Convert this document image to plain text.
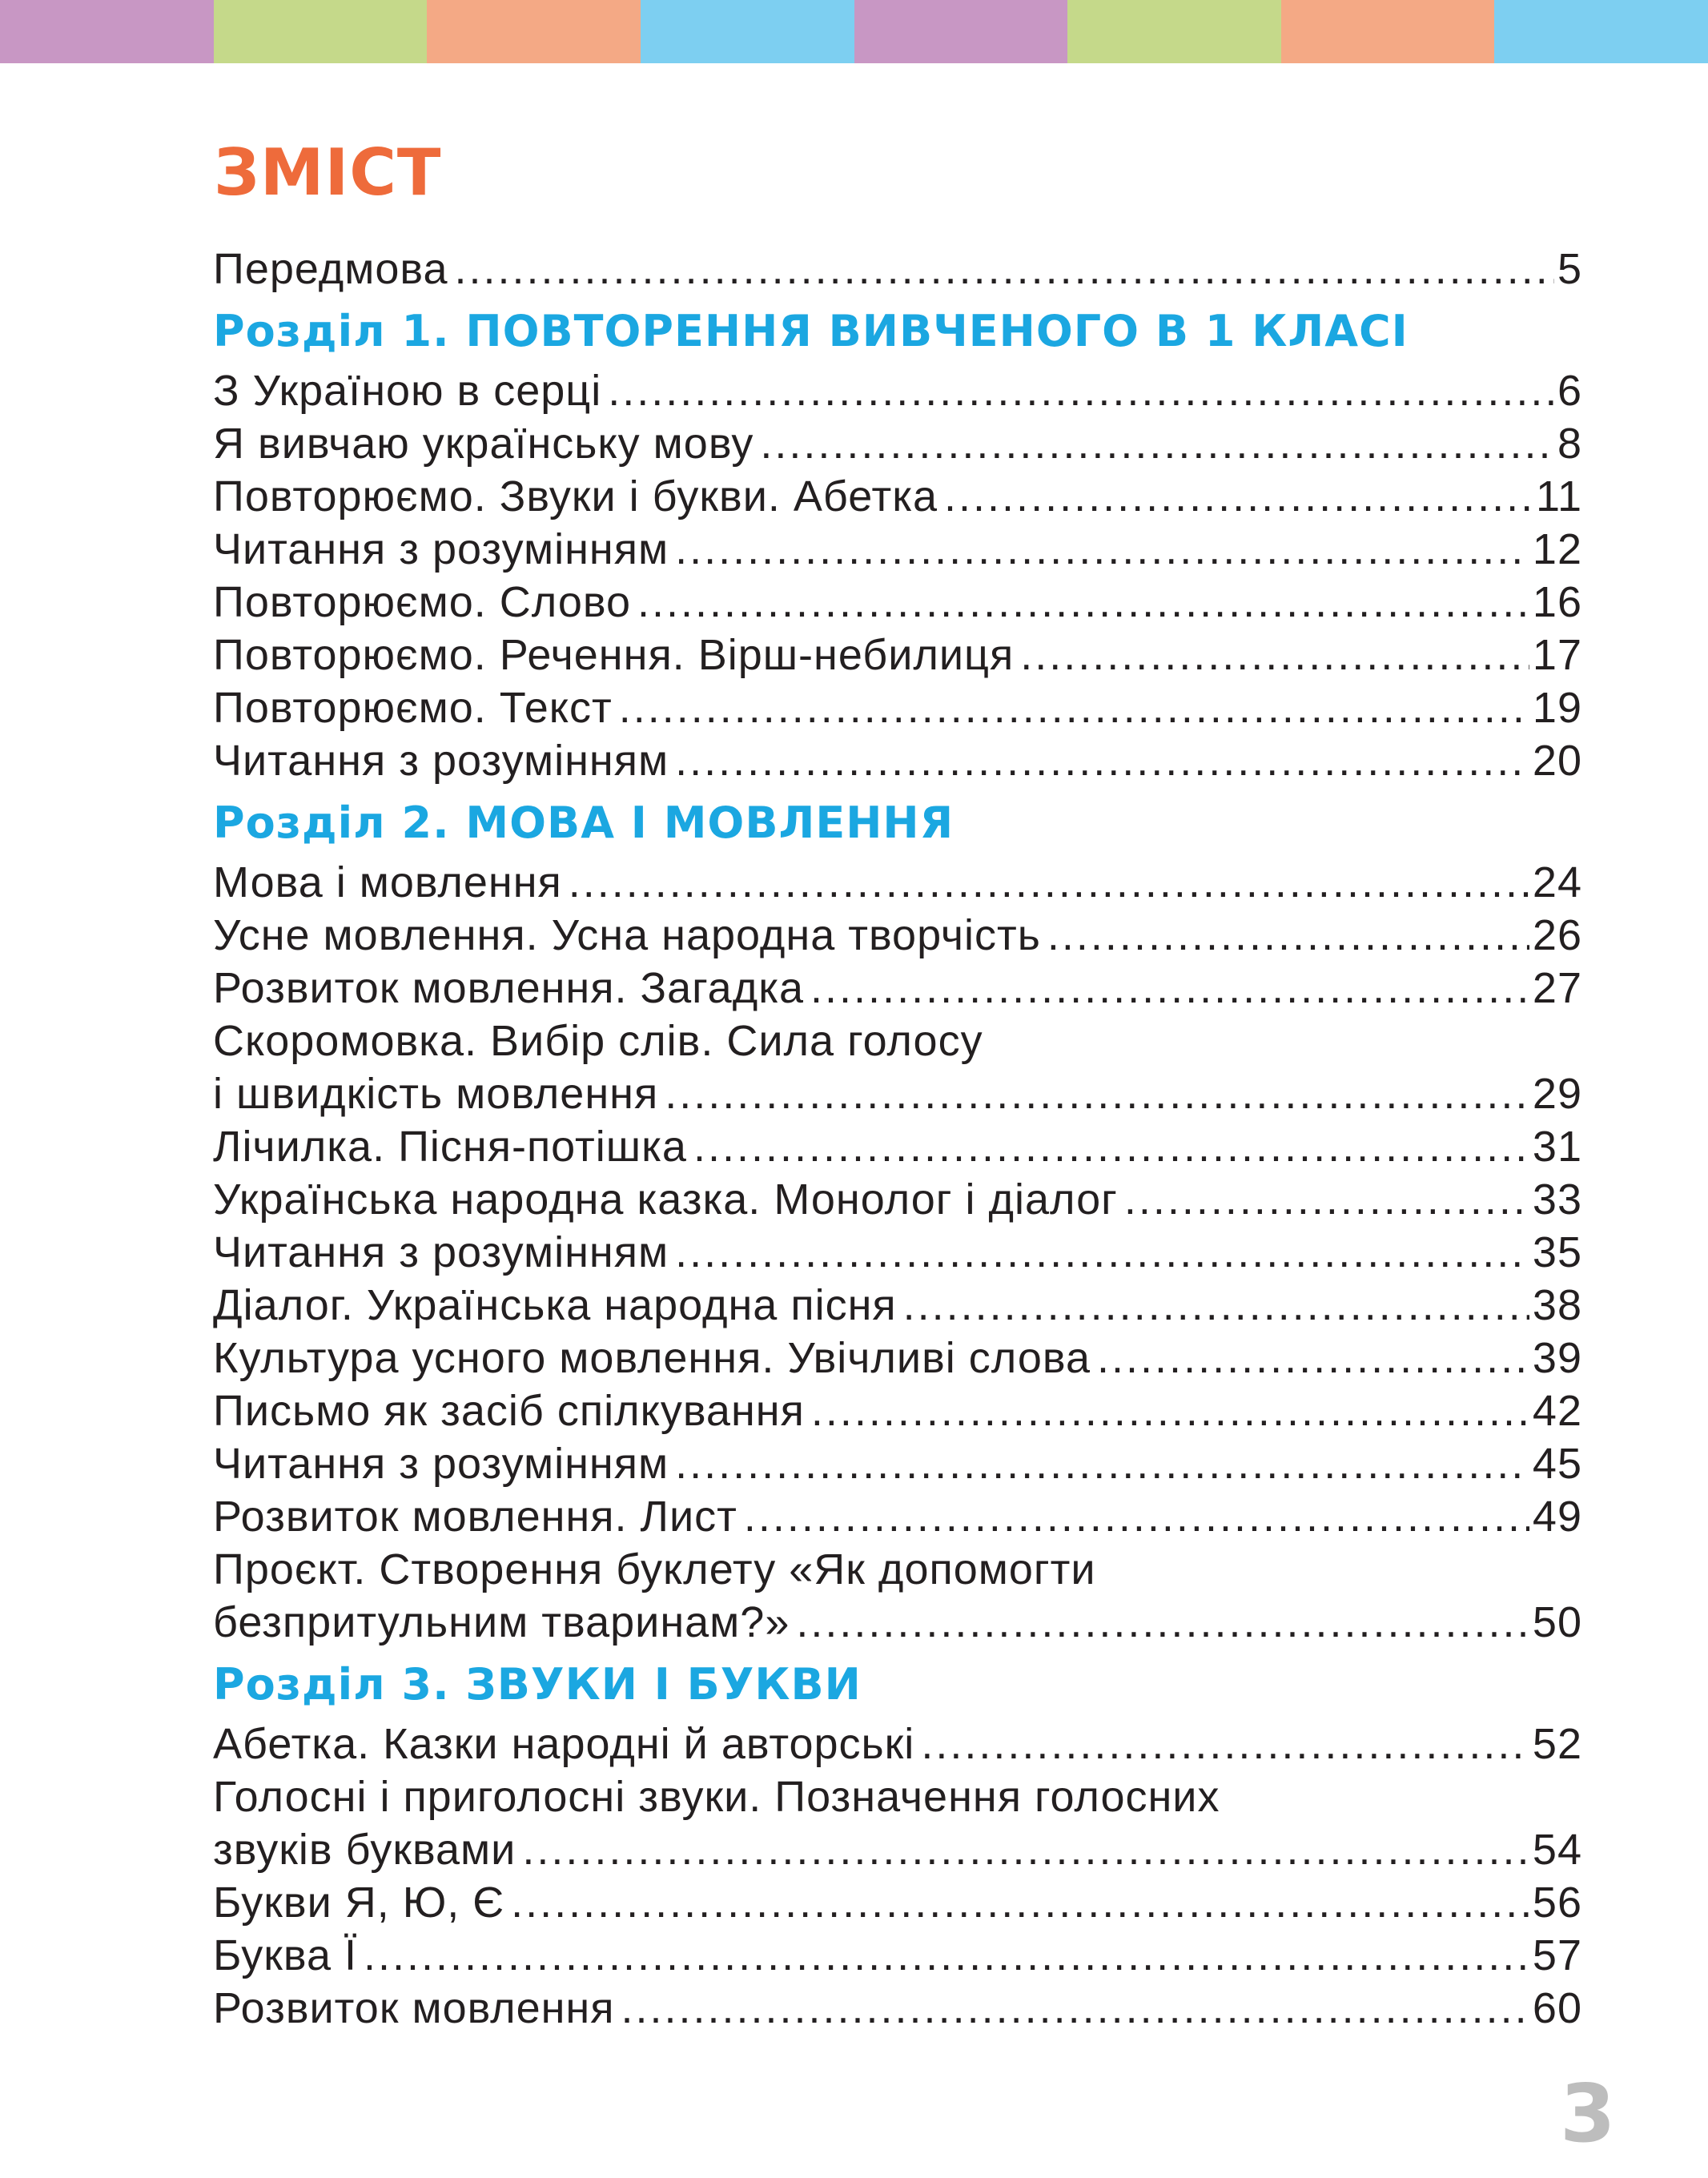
ЗМІСТ
Передмова .....	5
Розділ 1. ПОВТОРЕННЯ ВИВЧЕНОГО В 1 КЛАСІ
З Україною в серці .....	6
Я вивчаю українську мову .....	8
Повторюємо. Звуки і букви. Абетка .....	11
Читання з розумінням .....	12
Повторюємо. Слово .....	16
Повторюємо. Речення. Вірш-небилиця .....	17
Повторюємо. Текст .....	19
Читання з розумінням .....	20
Розділ 2. МОВА І МОВЛЕННЯ
Мова і мовлення .....	24
Усне мовлення. Усна народна творчість .....	26
Розвиток мовлення. Загадка .....	27
Скоромовка. Вибір слів. Сила голосу
і швидкість мовлення .....	29
Лічилка. Пісня-потішка .....	31
Українська народна казка. Монолог і діалог .....	33
Читання з розумінням .....	35
Діалог. Українська народна пісня .....	38
Культура усного мовлення. Увічливі слова .....	39
Письмо як засіб спілкування .....	42
Читання з розумінням .....	45
Розвиток мовлення. Лист .....	49
Проєкт. Створення буклету «Як допомогти
безпритульним тваринам?» .....	50
Розділ 3. ЗВУКИ І БУКВИ
Абетка. Казки народні й авторські .....	52
Голосні і приголосні звуки. Позначення голосних
звуків буквами .....	54
Букви Я, Ю, Є .....	56
Буква Ї .....	57
Розвиток мовлення .....	60
3
